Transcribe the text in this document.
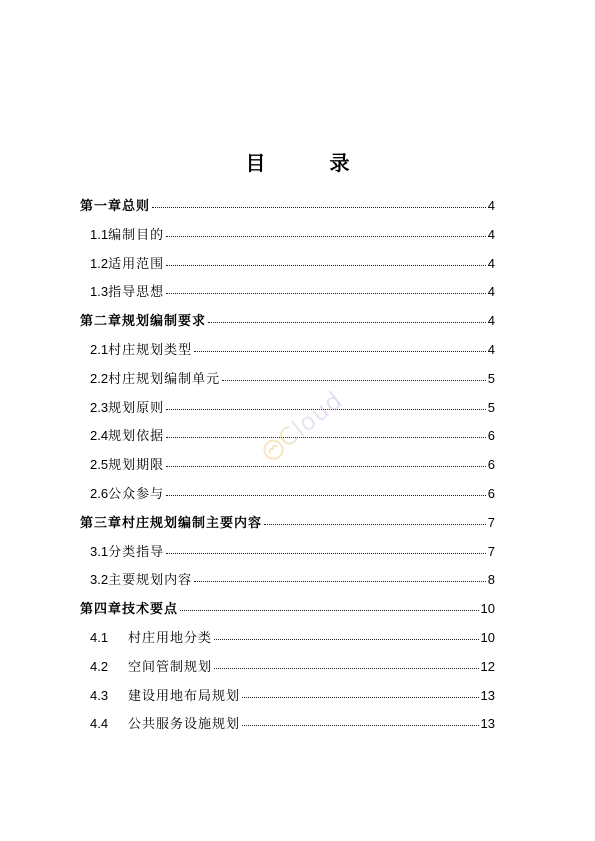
目　录
第一章总则	4
1.1 编制目的	4
1.2 适用范围	4
1.3 指导思想	4
第二章规划编制要求	4
2.1 村庄规划类型	4
2.2 村庄规划编制单元	5
2.3 规划原则	5
2.4 规划依据	6
2.5 规划期限	6
2.6 公众参与	6
第三章村庄规划编制主要内容	7
3.1 分类指导	7
3.2 主要规划内容	8
第四章技术要点	10
4.1	村庄用地分类	10
4.2	空间管制规划	12
4.3	建设用地布局规划	13
4.4	公共服务设施规划	13
Cloud
